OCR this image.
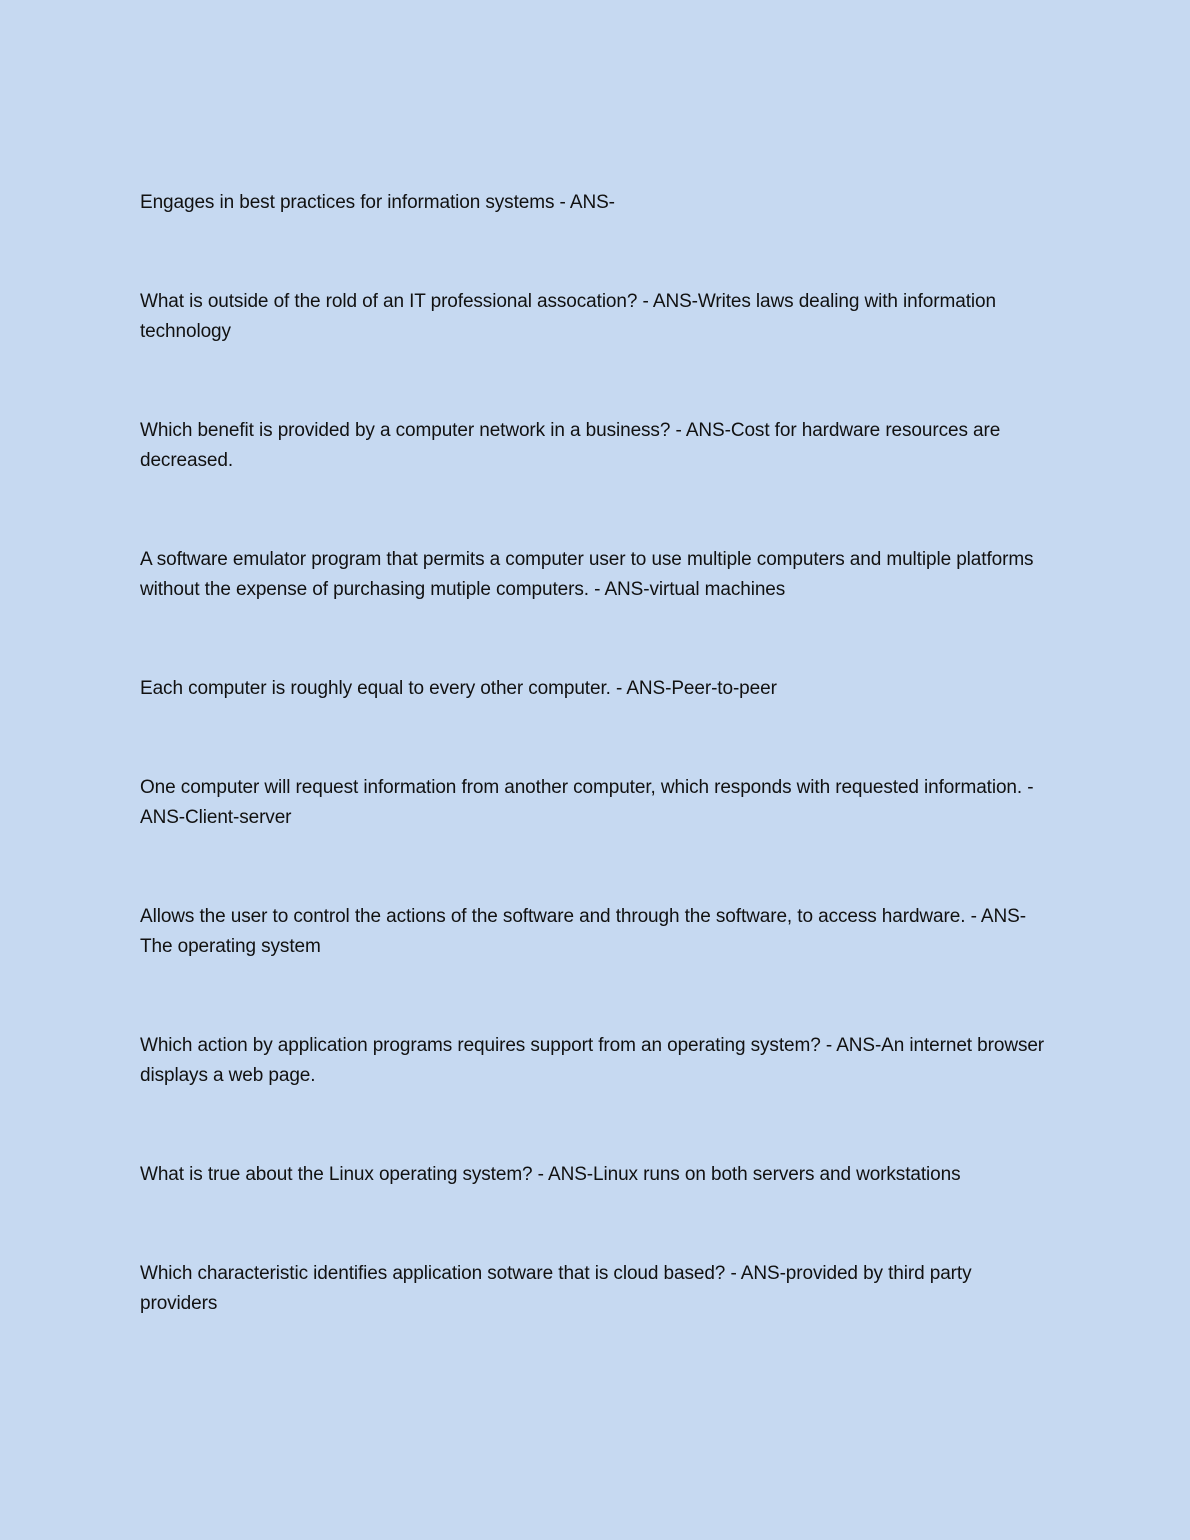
Engages in best practices for information systems - ANS-

What is outside of the rold of an IT professional assocation? - ANS-Writes laws dealing with information technology

Which benefit is provided by a computer network in a business? - ANS-Cost for hardware resources are decreased.

A software emulator program that permits a computer user to use multiple computers and multiple platforms without the expense of purchasing mutiple computers. - ANS-virtual machines

Each computer is roughly equal to every other computer. - ANS-Peer-to-peer

One computer will request information from another computer, which responds with requested information. - ANS-Client-server

Allows the user to control the actions of the software and through the software, to access hardware. - ANS-The operating system

Which action by application programs requires support from an operating system? - ANS-An internet browser displays a web page.

What is true about the Linux operating system? - ANS-Linux runs on both servers and workstations

Which characteristic identifies application sotware that is cloud based? - ANS-provided by third party providers
